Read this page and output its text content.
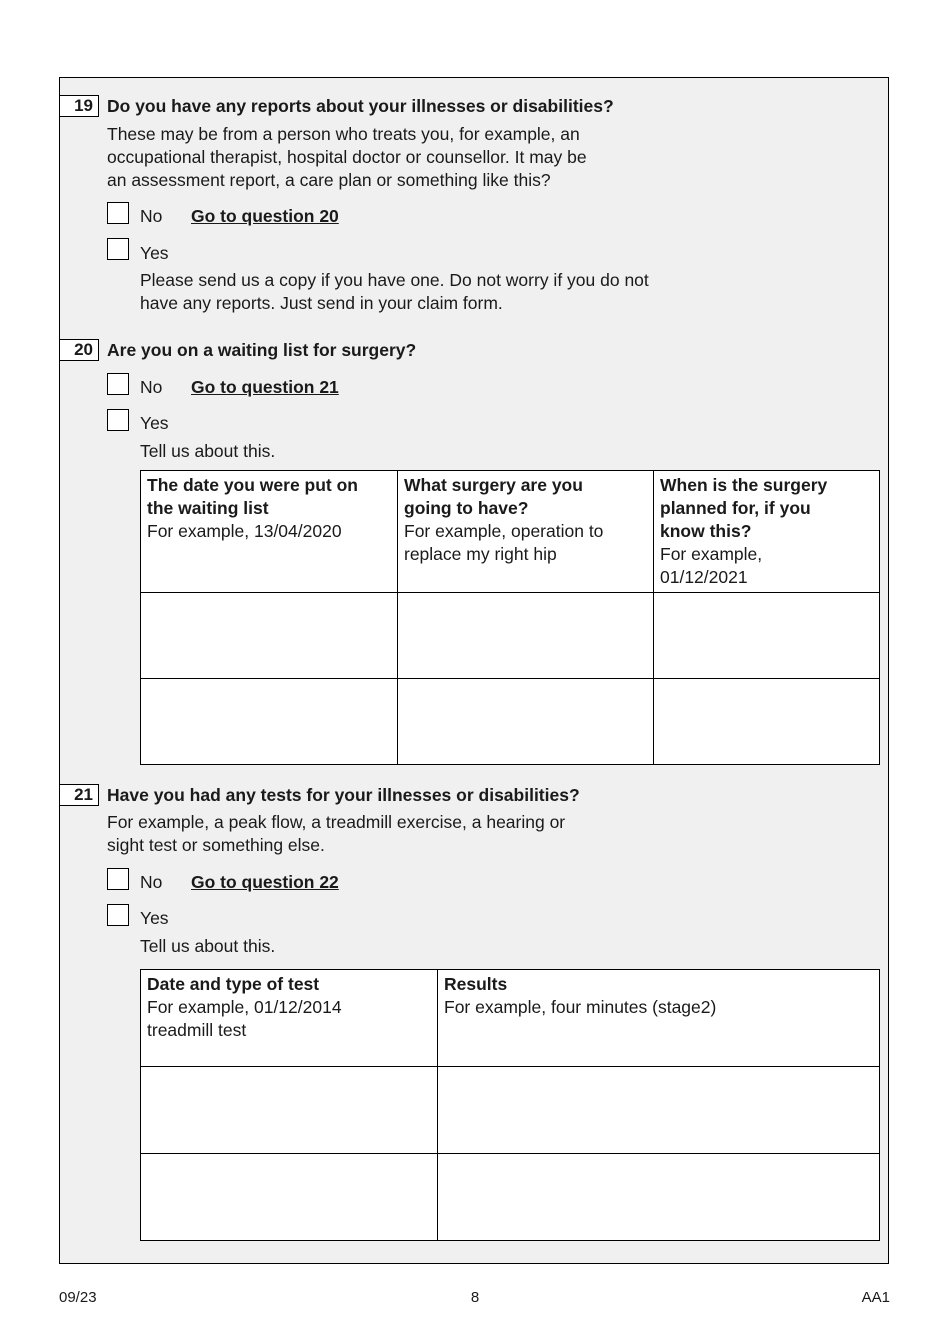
19 Do you have any reports about your illnesses or disabilities?
These may be from a person who treats you, for example, an
occupational therapist, hospital doctor or counsellor. It may be
an assessment report, a care plan or something like this?
No Go to question 20
Yes
Please send us a copy if you have one. Do not worry if you do not
have any reports. Just send in your claim form.
20 Are you on a waiting list for surgery?
No Go to question 21
Yes
Tell us about this.
The date you were put on
the waiting list
For example, 13/04/2020	What surgery are you
going to have?
For example, operation to
replace my right hip	When is the surgery
planned for, if you
know this?
For example,
01/12/2021

21 Have you had any tests for your illnesses or disabilities?
For example, a peak flow, a treadmill exercise, a hearing or
sight test or something else.
No Go to question 22
Yes
Tell us about this.
Date and type of test
For example, 01/12/2014
treadmill test	Results
For example, four minutes (stage2)

09/23	8	AA1
